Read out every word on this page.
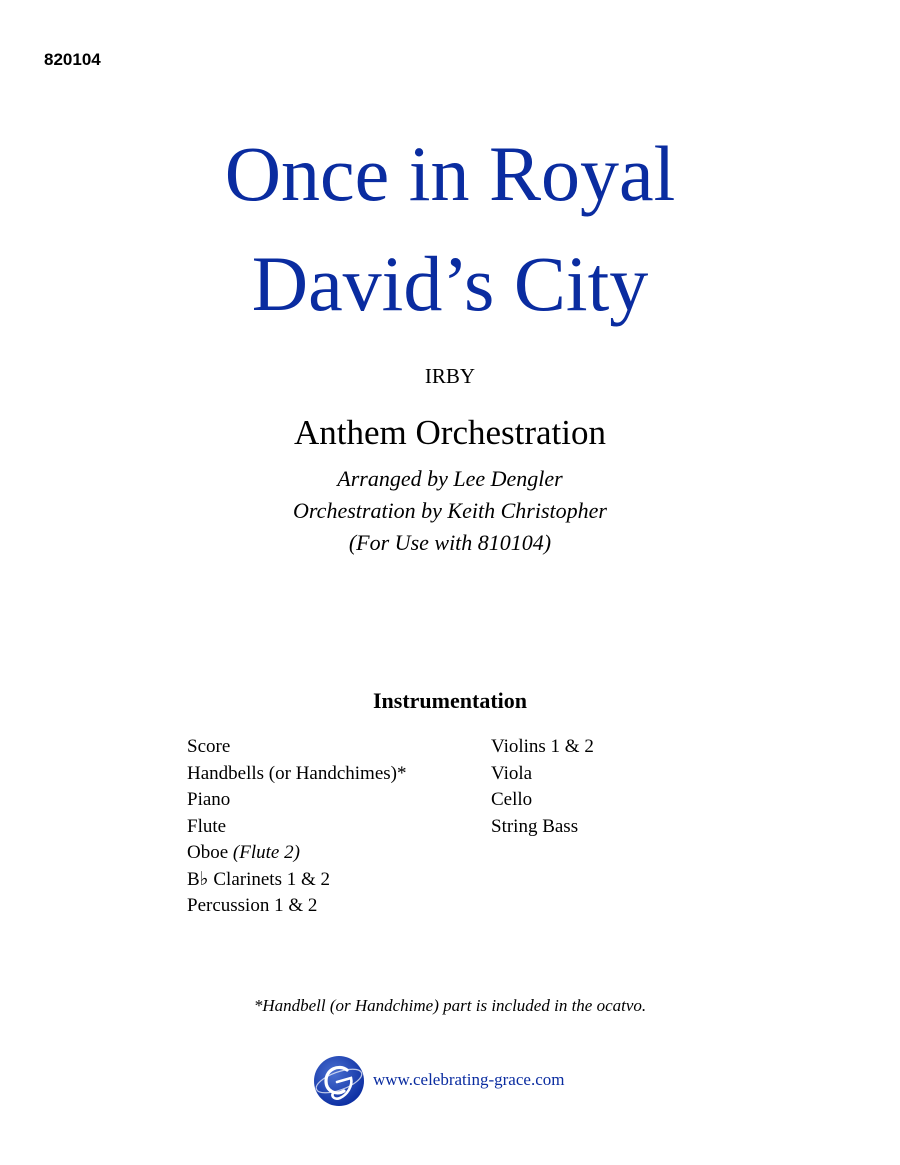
820104
Once in Royal
David’s City
IRBY
Anthem Orchestration
Arranged by Lee Dengler
Orchestration by Keith Christopher
(For Use with 810104)
Instrumentation
Score
Handbells (or Handchimes)*
Piano
Flute
Oboe (Flute 2)
B♭ Clarinets 1 & 2
Percussion 1 & 2
Violins 1 & 2
Viola
Cello
String Bass
*Handbell (or Handchime) part is included in the ocatvo.
www.celebrating-grace.com
